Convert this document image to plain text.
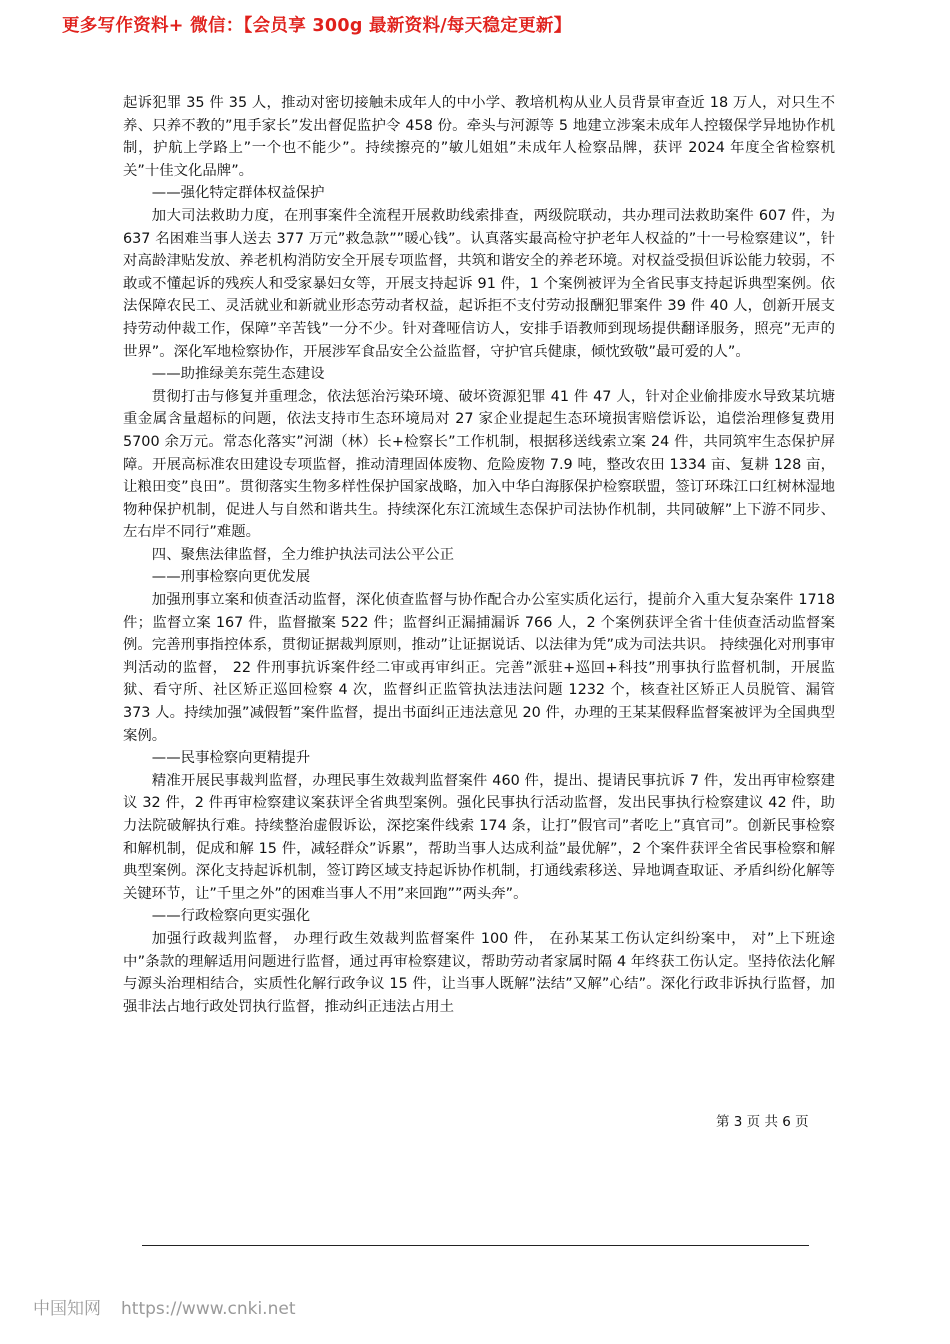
更多写作资料+ 微信：【会员享 300g 最新资料/每天稳定更新】

起诉犯罪 35 件 35 人，推动对密切接触未成年人的中小学、教培机构从业人员背景审查近 18 万人，对只生不养、只养不教的”甩手家长”发出督促监护令 458 份。牵头与河源等 5 地建立涉案未成年人控辍保学异地协作机制，护航上学路上”一个也不能少”。持续擦亮的”敏儿姐姐”未成年人检察品牌，获评 2024 年度全省检察机关”十佳文化品牌”。

——强化特定群体权益保护

加大司法救助力度，在刑事案件全流程开展救助线索排查，两级院联动，共办理司法救助案件 607 件，为 637 名困难当事人送去 377 万元”救急款””暖心钱”。认真落实最高检守护老年人权益的”十一号检察建议”，针对高龄津贴发放、养老机构消防安全开展专项监督，共筑和谐安全的养老环境。对权益受损但诉讼能力较弱，不敢或不懂起诉的残疾人和受家暴妇女等，开展支持起诉 91 件，1 个案例被评为全省民事支持起诉典型案例。依法保障农民工、灵活就业和新就业形态劳动者权益，起诉拒不支付劳动报酬犯罪案件 39 件 40 人，创新开展支持劳动仲裁工作，保障”辛苦钱”一分不少。针对聋哑信访人，安排手语教师到现场提供翻译服务，照亮”无声的世界”。深化军地检察协作，开展涉军食品安全公益监督，守护官兵健康，倾忱致敬”最可爱的人”。

——助推绿美东莞生态建设

贯彻打击与修复并重理念，依法惩治污染环境、破坏资源犯罪 41 件 47 人，针对企业偷排废水导致某坑塘重金属含量超标的问题，依法支持市生态环境局对 27 家企业提起生态环境损害赔偿诉讼，追偿治理修复费用 5700 余万元。常态化落实”河湖（林）长+检察长”工作机制，根据移送线索立案 24 件，共同筑牢生态保护屏障。开展高标准农田建设专项监督，推动清理固体废物、危险废物 7.9 吨，整改农田 1334 亩、复耕 128 亩，让粮田变”良田”。贯彻落实生物多样性保护国家战略，加入中华白海豚保护检察联盟，签订环珠江口红树林湿地物种保护机制，促进人与自然和谐共生。持续深化东江流域生态保护司法协作机制，共同破解”上下游不同步、左右岸不同行”难题。

四、聚焦法律监督，全力维护执法司法公平公正

——刑事检察向更优发展

加强刑事立案和侦查活动监督，深化侦查监督与协作配合办公室实质化运行，提前介入重大复杂案件 1718 件；监督立案 167 件，监督撤案 522 件；监督纠正漏捕漏诉 766 人，2 个案例获评全省十佳侦查活动监督案例。完善刑事指控体系，贯彻证据裁判原则，推动”让证据说话、以法律为凭”成为司法共识。 持续强化对刑事审判活动的监督， 22 件刑事抗诉案件经二审或再审纠正。完善”派驻+巡回+科技”刑事执行监督机制，开展监狱、看守所、社区矫正巡回检察 4 次，监督纠正监管执法违法问题 1232 个，核查社区矫正人员脱管、漏管 373 人。持续加强”减假暂”案件监督，提出书面纠正违法意见 20 件，办理的王某某假释监督案被评为全国典型案例。

——民事检察向更精提升

精准开展民事裁判监督，办理民事生效裁判监督案件 460 件，提出、提请民事抗诉 7 件，发出再审检察建议 32 件，2 件再审检察建议案获评全省典型案例。强化民事执行活动监督，发出民事执行检察建议 42 件，助力法院破解执行难。持续整治虚假诉讼，深挖案件线索 174 条，让打”假官司”者吃上”真官司”。创新民事检察和解机制，促成和解 15 件，减轻群众”诉累”，帮助当事人达成利益”最优解”，2 个案件获评全省民事检察和解典型案例。深化支持起诉机制，签订跨区域支持起诉协作机制，打通线索移送、异地调查取证、矛盾纠纷化解等关键环节，让”千里之外”的困难当事人不用”来回跑””两头奔”。

——行政检察向更实强化

加强行政裁判监督， 办理行政生效裁判监督案件 100 件， 在孙某某工伤认定纠纷案中， 对”上下班途中”条款的理解适用问题进行监督，通过再审检察建议，帮助劳动者家属时隔 4 年终获工伤认定。坚持依法化解与源头治理相结合，实质性化解行政争议 15 件，让当事人既解”法结”又解”心结”。深化行政非诉执行监督，加强非法占地行政处罚执行监督，推动纠正违法占用土

第 3 页 共 6 页
中国知网 https://www.cnki.net
